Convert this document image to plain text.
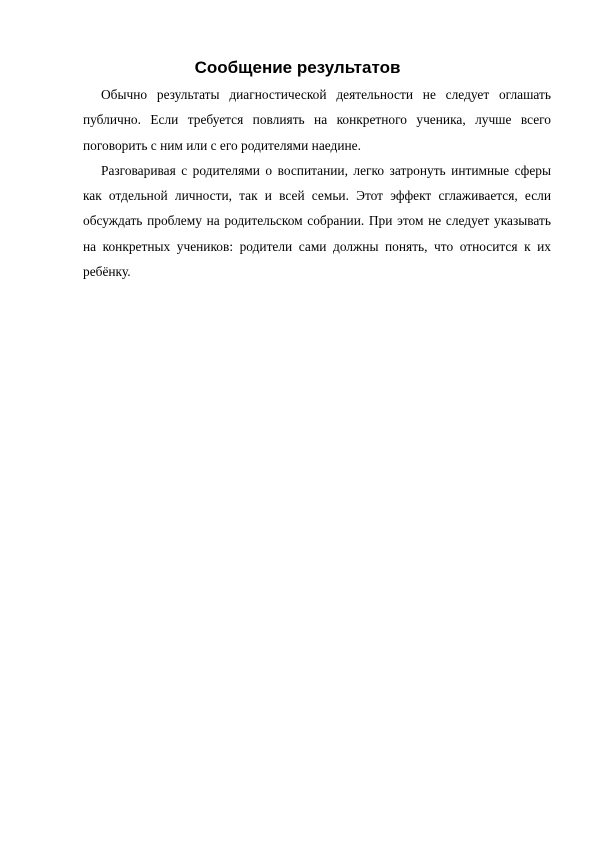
Сообщение результатов

Обычно результаты диагностической деятельности не следует оглашать публично. Если требуется повлиять на конкретного ученика, лучше всего поговорить с ним или с его родителями наедине.

Разговаривая с родителями о воспитании, легко затронуть интимные сферы как отдельной личности, так и всей семьи. Этот эффект сглаживается, если обсуждать проблему на родительском собрании. При этом не следует указывать на конкретных учеников: родители сами должны понять, что относится к их ребёнку.
